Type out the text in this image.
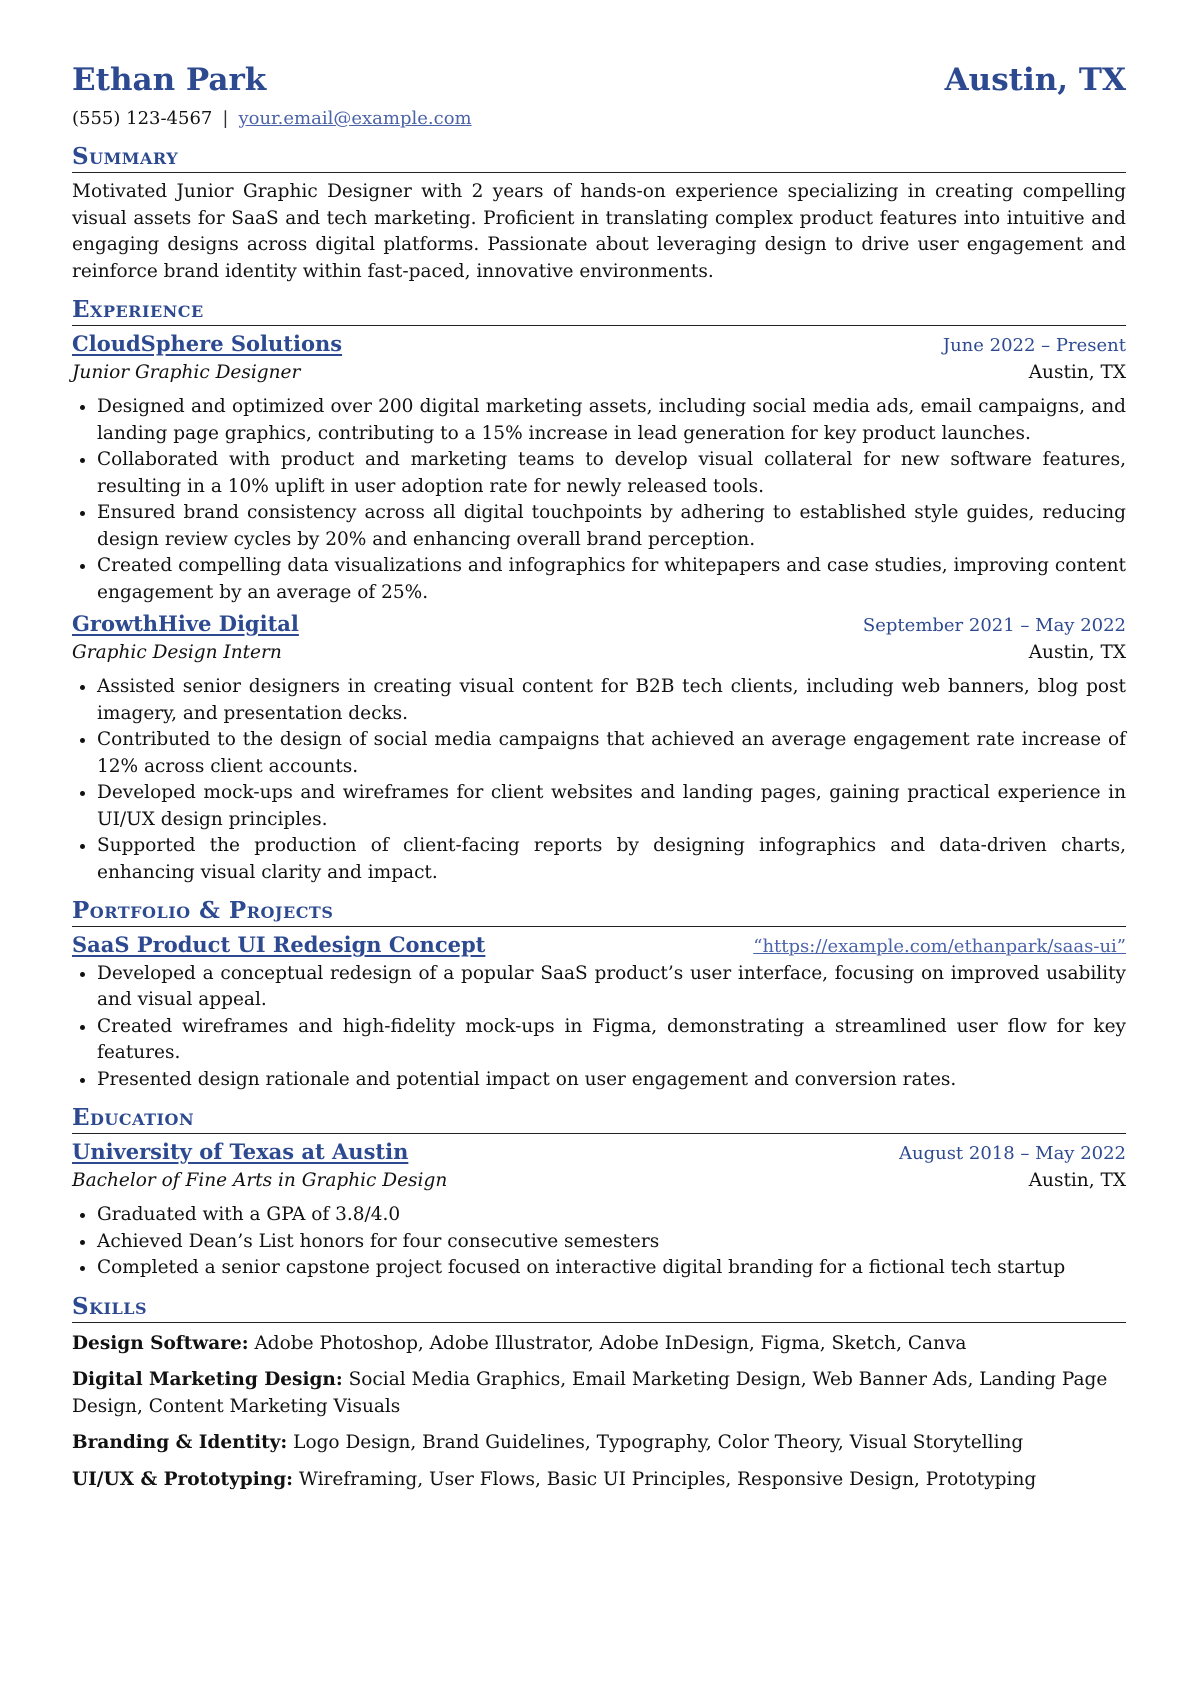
Ethan Park	Austin, TX
(555) 123-4567 | your.email@example.com
Summary
Motivated Junior Graphic Designer with 2 years of hands-on experience specializing in creating compelling visual assets for SaaS and tech marketing. Proficient in translating complex product features into intuitive and engaging designs across digital platforms. Passionate about leveraging design to drive user engagement and reinforce brand identity within fast-paced, innovative environments.
Experience
CloudSphere Solutions	June 2022 – Present
Junior Graphic Designer	Austin, TX
• Designed and optimized over 200 digital marketing assets, including social media ads, email campaigns, and landing page graphics, contributing to a 15% increase in lead generation for key product launches.
• Collaborated with product and marketing teams to develop visual collateral for new software features, resulting in a 10% uplift in user adoption rate for newly released tools.
• Ensured brand consistency across all digital touchpoints by adhering to established style guides, reducing design review cycles by 20% and enhancing overall brand perception.
• Created compelling data visualizations and infographics for whitepapers and case studies, improving content engagement by an average of 25%.
GrowthHive Digital	September 2021 – May 2022
Graphic Design Intern	Austin, TX
• Assisted senior designers in creating visual content for B2B tech clients, including web banners, blog post imagery, and presentation decks.
• Contributed to the design of social media campaigns that achieved an average engagement rate increase of 12% across client accounts.
• Developed mock-ups and wireframes for client websites and landing pages, gaining practical experience in UI/UX design principles.
• Supported the production of client-facing reports by designing infographics and data-driven charts, enhancing visual clarity and impact.
Portfolio & Projects
SaaS Product UI Redesign Concept	“https://example.com/ethanpark/saas-ui”
• Developed a conceptual redesign of a popular SaaS product’s user interface, focusing on improved usability and visual appeal.
• Created wireframes and high-fidelity mock-ups in Figma, demonstrating a streamlined user flow for key features.
• Presented design rationale and potential impact on user engagement and conversion rates.
Education
University of Texas at Austin	August 2018 – May 2022
Bachelor of Fine Arts in Graphic Design	Austin, TX
• Graduated with a GPA of 3.8/4.0
• Achieved Dean’s List honors for four consecutive semesters
• Completed a senior capstone project focused on interactive digital branding for a fictional tech startup
Skills
Design Software: Adobe Photoshop, Adobe Illustrator, Adobe InDesign, Figma, Sketch, Canva
Digital Marketing Design: Social Media Graphics, Email Marketing Design, Web Banner Ads, Landing Page Design, Content Marketing Visuals
Branding & Identity: Logo Design, Brand Guidelines, Typography, Color Theory, Visual Storytelling
UI/UX & Prototyping: Wireframing, User Flows, Basic UI Principles, Responsive Design, Prototyping
